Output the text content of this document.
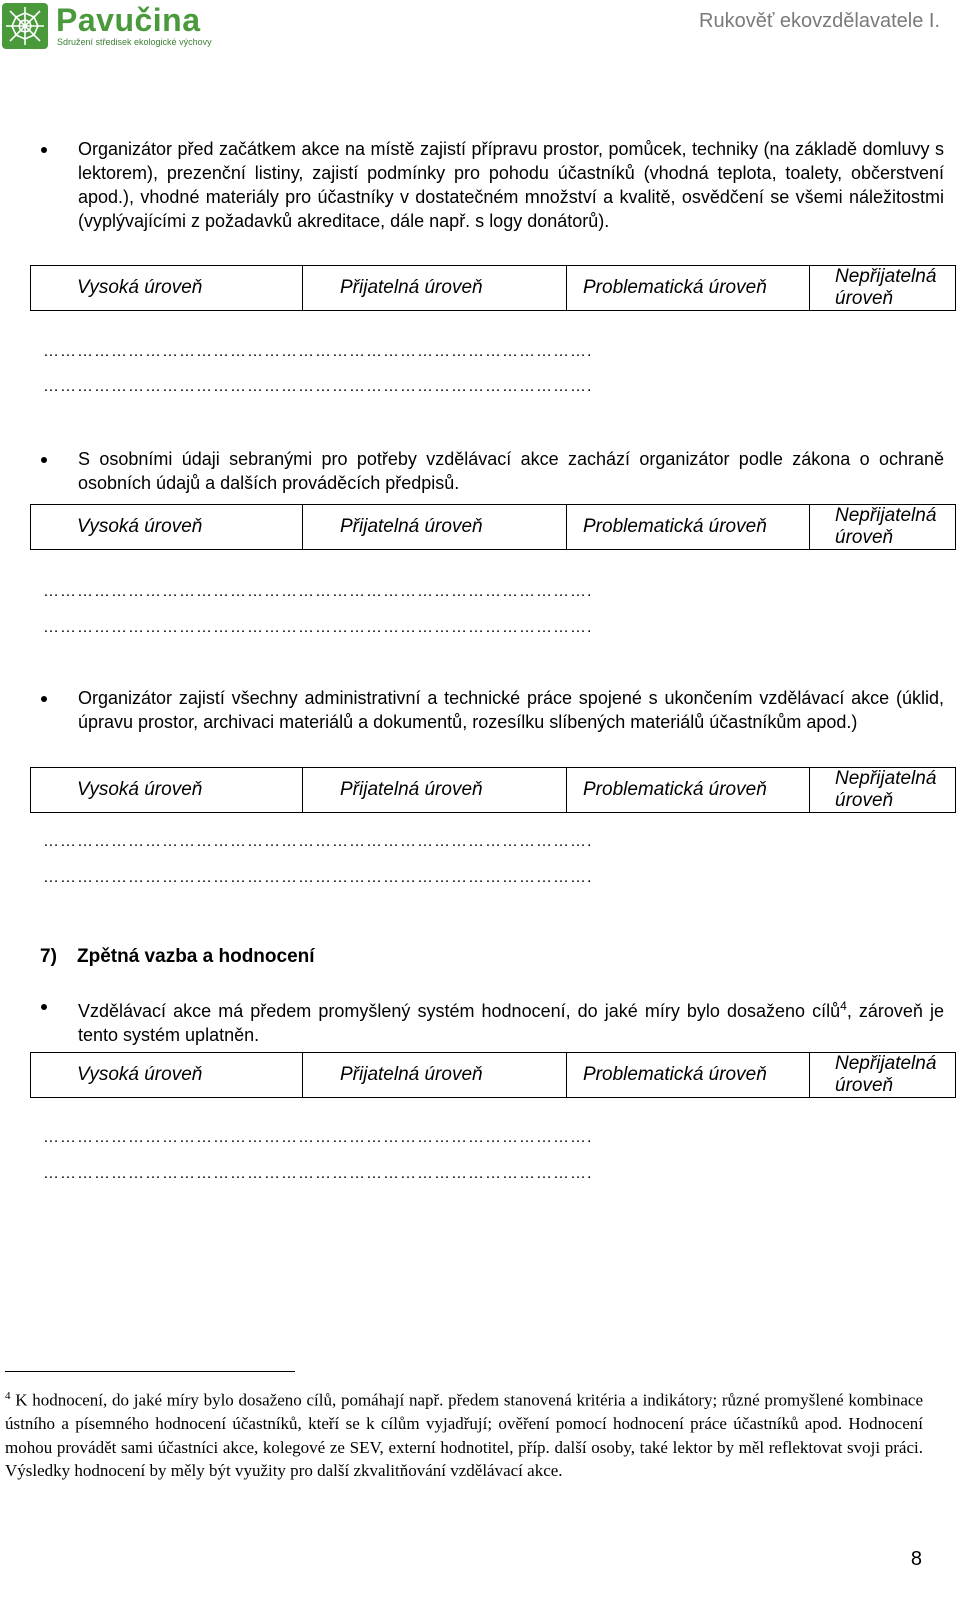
Pavučina
Sdružení středisek ekologické výchovy
Rukověť ekovzdělavatele I.
Organizátor před začátkem akce na místě zajistí přípravu prostor, pomůcek, techniky (na základě domluvy s lektorem), prezenční listiny, zajistí podmínky pro pohodu účastníků (vhodná teplota, toalety, občerstvení apod.), vhodné materiály pro účastníky v dostatečném množství a kvalitě, osvědčení se všemi náležitostmi (vyplývajícími z požadavků akreditace, dále např. s logy donátorů).
Vysoká úroveň	Přijatelná úroveň	Problematická úroveň	Nepřijatelná úroveň
…………………………………………………………………………………….
…………………………………………………………………………………….
S osobními údaji sebranými pro potřeby vzdělávací akce zachází organizátor podle zákona o ochraně osobních údajů a dalších prováděcích předpisů.
Vysoká úroveň	Přijatelná úroveň	Problematická úroveň	Nepřijatelná úroveň
…………………………………………………………………………………….
…………………………………………………………………………………….
Organizátor zajistí všechny administrativní a technické práce spojené s ukončením vzdělávací akce (úklid, úpravu prostor, archivaci materiálů a dokumentů, rozesílku slíbených materiálů účastníkům apod.)
Vysoká úroveň	Přijatelná úroveň	Problematická úroveň	Nepřijatelná úroveň
…………………………………………………………………………………….
…………………………………………………………………………………….
7) Zpětná vazba a hodnocení
Vzdělávací akce má předem promyšlený systém hodnocení, do jaké míry bylo dosaženo cílů$^4$, zároveň je tento systém uplatněn.
Vysoká úroveň	Přijatelná úroveň	Problematická úroveň	Nepřijatelná úroveň
…………………………………………………………………………………….
…………………………………………………………………………………….
$^4$ K hodnocení, do jaké míry bylo dosaženo cílů, pomáhají např. předem stanovená kritéria a indikátory; různé promyšlené kombinace ústního a písemného hodnocení účastníků, kteří se k cílům vyjadřují; ověření pomocí hodnocení práce účastníků apod. Hodnocení mohou provádět sami účastníci akce, kolegové ze SEV, externí hodnotitel, příp. další osoby, také lektor by měl reflektovat svoji práci. Výsledky hodnocení by měly být využity pro další zkvalitňování vzdělávací akce.
8
